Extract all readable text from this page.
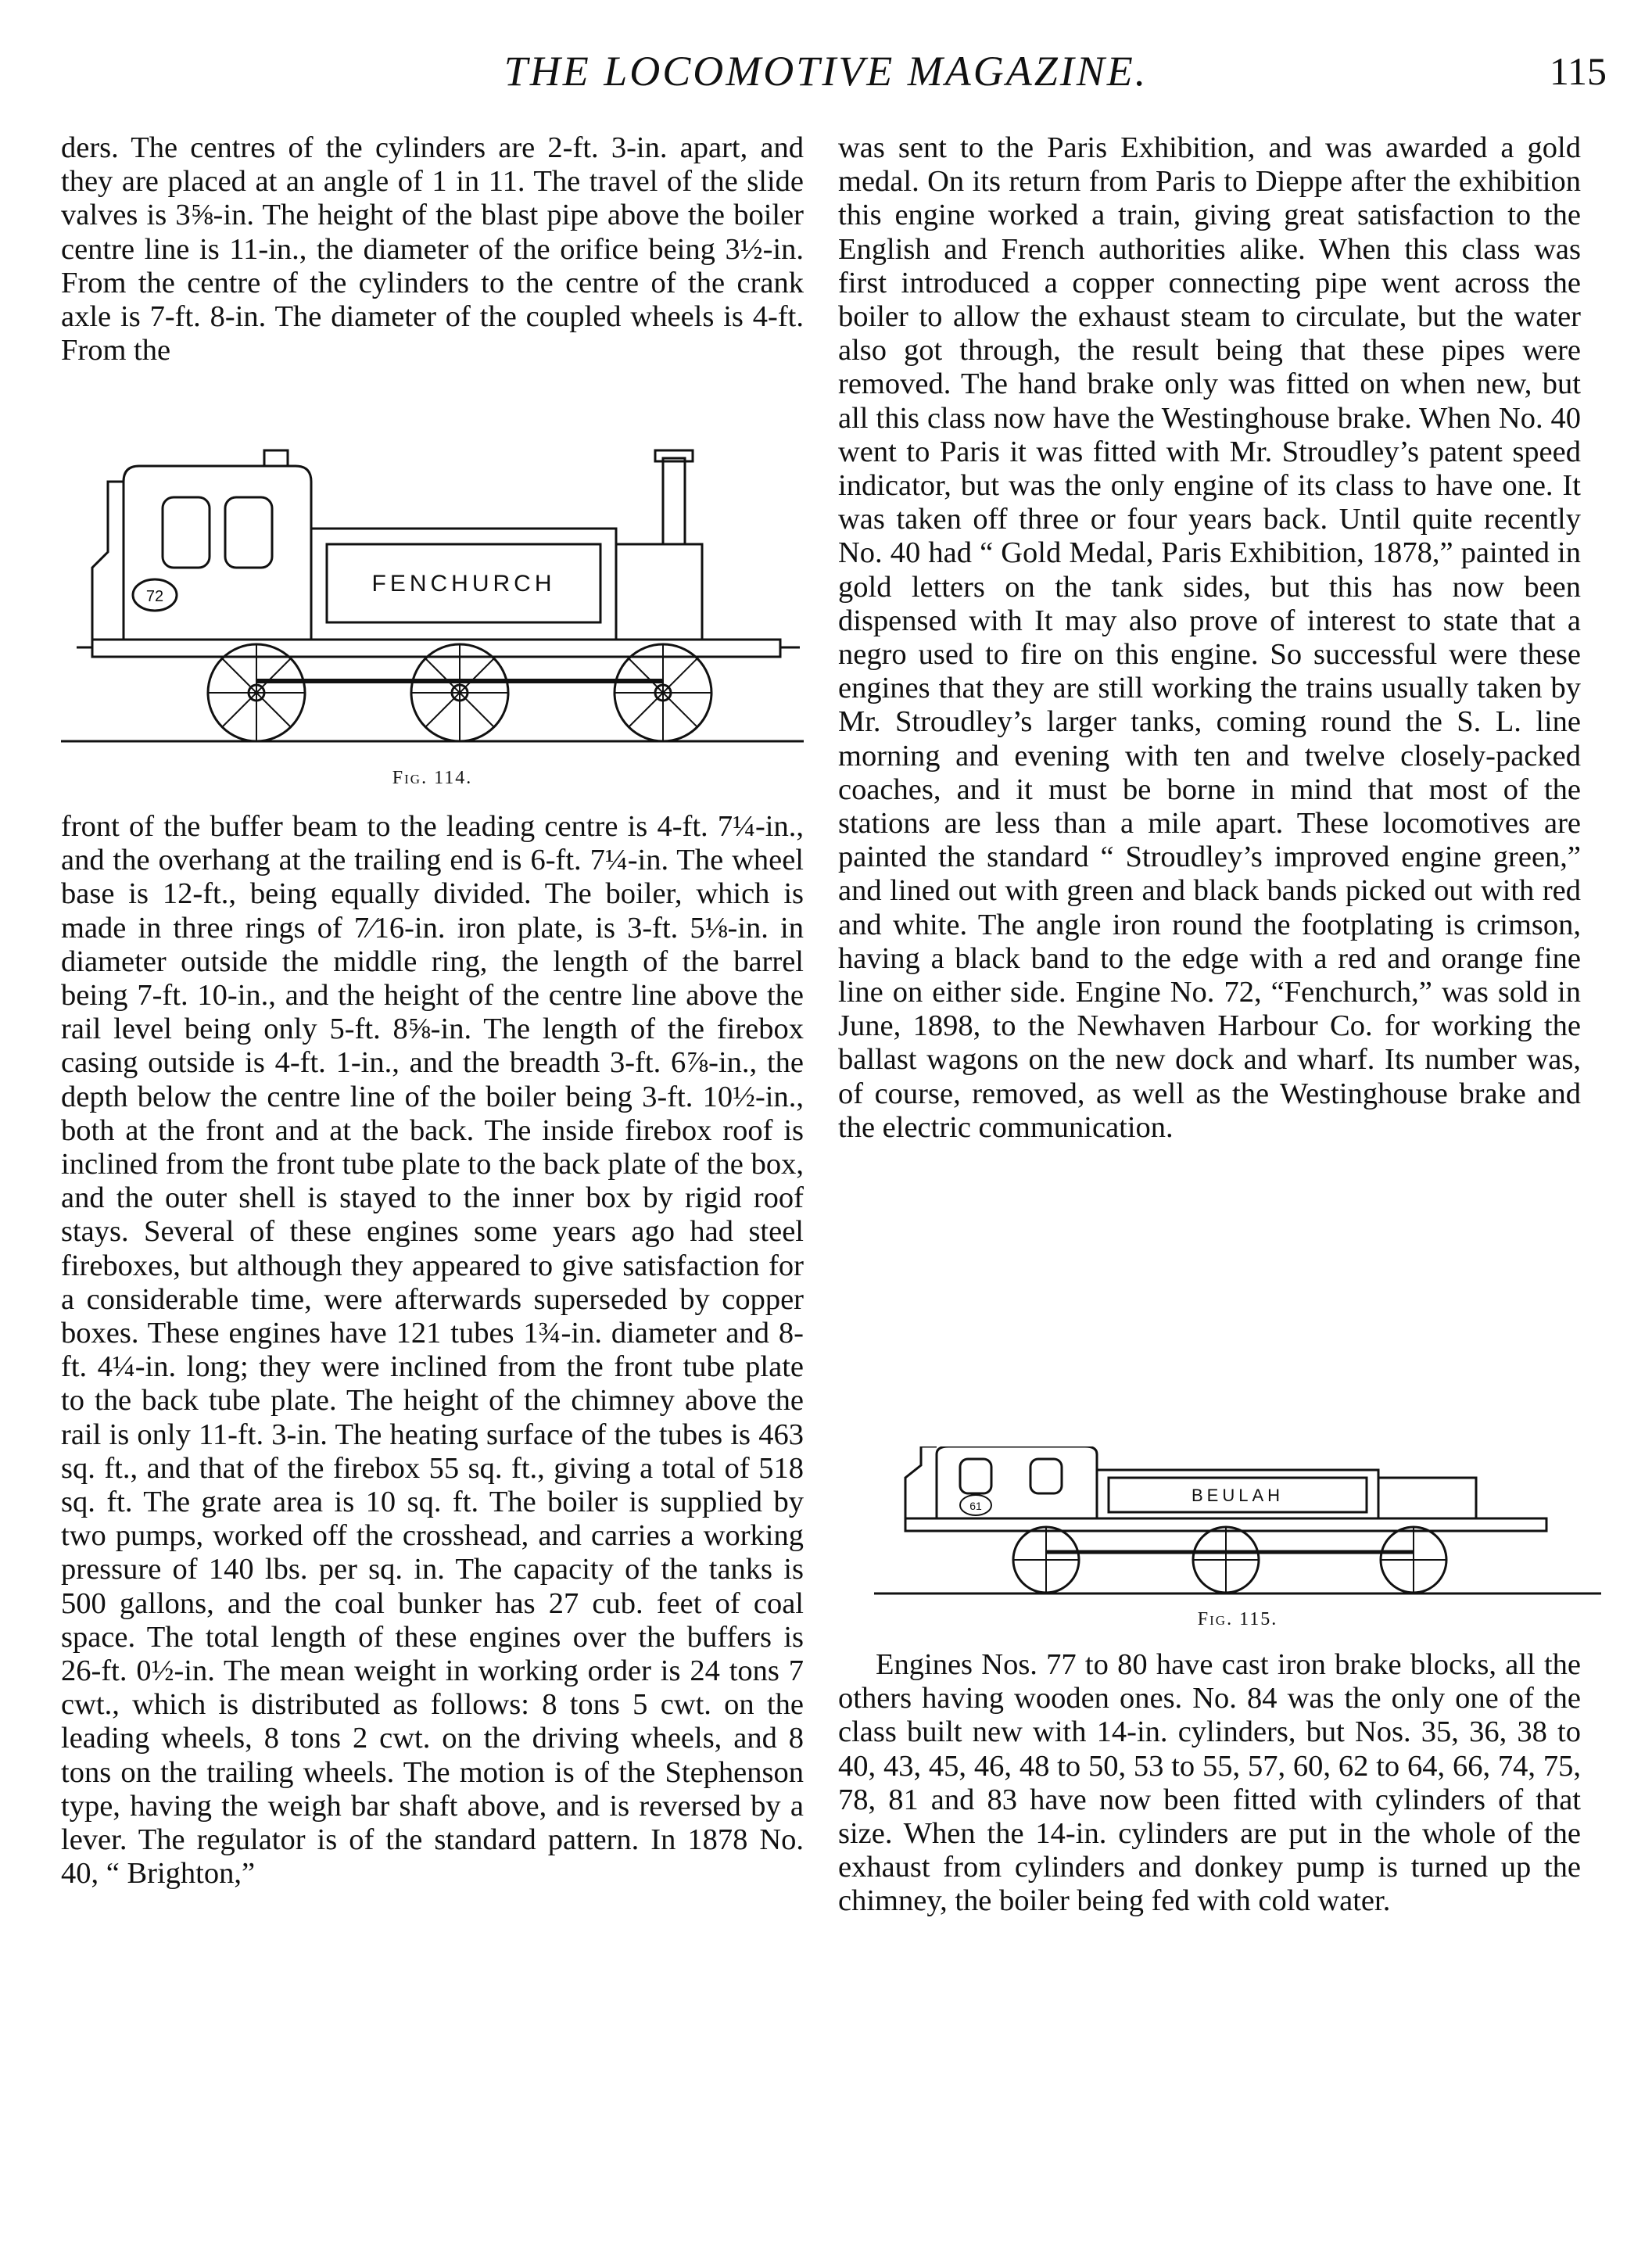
THE LOCOMOTIVE MAGAZINE.	115

ders. The centres of the cylinders are 2-ft. 3-in. apart, and they are placed at an angle of 1 in 11. The travel of the slide valves is 3⅝-in. The height of the blast pipe above the boiler centre line is 11-in., the diameter of the orifice being 3½-in. From the centre of the cylinders to the centre of the crank axle is 7-ft. 8-in. The diameter of the coupled wheels is 4-ft. From the

72	FENCHURCH
Fig. 114.

front of the buffer beam to the leading centre is 4-ft. 7¼-in., and the overhang at the trailing end is 6-ft. 7¼-in. The wheel base is 12-ft., being equally divided. The boiler, which is made in three rings of 7⁄16-in. iron plate, is 3-ft. 5⅛-in. in diameter outside the middle ring, the length of the barrel being 7-ft. 10-in., and the height of the centre line above the rail level being only 5-ft. 8⅝-in. The length of the firebox casing outside is 4-ft. 1-in., and the breadth 3-ft. 6⅞-in., the depth below the centre line of the boiler being 3-ft. 10½-in., both at the front and at the back. The inside firebox roof is inclined from the front tube plate to the back plate of the box, and the outer shell is stayed to the inner box by rigid roof stays. Several of these engines some years ago had steel fireboxes, but although they appeared to give satisfaction for a considerable time, were afterwards superseded by copper boxes. These engines have 121 tubes 1¾-in. diameter and 8-ft. 4¼-in. long; they were inclined from the front tube plate to the back tube plate. The height of the chimney above the rail is only 11-ft. 3-in. The heating surface of the tubes is 463 sq. ft., and that of the firebox 55 sq. ft., giving a total of 518 sq. ft. The grate area is 10 sq. ft. The boiler is supplied by two pumps, worked off the crosshead, and carries a working pressure of 140 lbs. per sq. in. The capacity of the tanks is 500 gallons, and the coal bunker has 27 cub. feet of coal space. The total length of these engines over the buffers is 26-ft. 0½-in. The mean weight in working order is 24 tons 7 cwt., which is distributed as follows: 8 tons 5 cwt. on the leading wheels, 8 tons 2 cwt. on the driving wheels, and 8 tons on the trailing wheels. The motion is of the Stephenson type, having the weigh bar shaft above, and is reversed by a lever. The regulator is of the standard pattern. In 1878 No. 40, “ Brighton,”

was sent to the Paris Exhibition, and was awarded a gold medal. On its return from Paris to Dieppe after the exhibition this engine worked a train, giving great satisfaction to the English and French authorities alike. When this class was first introduced a copper connecting pipe went across the boiler to allow the exhaust steam to circulate, but the water also got through, the result being that these pipes were removed. The hand brake only was fitted on when new, but all this class now have the Westinghouse brake. When No. 40 went to Paris it was fitted with Mr. Stroudley’s patent speed indicator, but was the only engine of its class to have one. It was taken off three or four years back. Until quite recently No. 40 had “ Gold Medal, Paris Exhibition, 1878,” painted in gold letters on the tank sides, but this has now been dispensed with It may also prove of interest to state that a negro used to fire on this engine. So successful were these engines that they are still working the trains usually taken by Mr. Stroudley’s larger tanks, coming round the S. L. line morning and evening with ten and twelve closely-packed coaches, and it must be borne in mind that most of the stations are less than a mile apart. These locomotives are painted the standard “ Stroudley’s improved engine green,” and lined out with green and black bands picked out with red and white. The angle iron round the footplating is crimson, having a black band to the edge with a red and orange fine line on either side. Engine No. 72, “Fenchurch,” was sold in June, 1898, to the Newhaven Harbour Co. for working the ballast wagons on the new dock and wharf. Its number was, of course, removed, as well as the Westinghouse brake and the electric communication.

61
BEULAH
Fig. 115.

Engines Nos. 77 to 80 have cast iron brake blocks, all the others having wooden ones. No. 84 was the only one of the class built new with 14-in. cylinders, but Nos. 35, 36, 38 to 40, 43, 45, 46, 48 to 50, 53 to 55, 57, 60, 62 to 64, 66, 74, 75, 78, 81 and 83 have now been fitted with cylinders of that size. When the 14-in. cylinders are put in the whole of the exhaust from cylinders and donkey pump is turned up the chimney, the boiler being fed with cold water.
